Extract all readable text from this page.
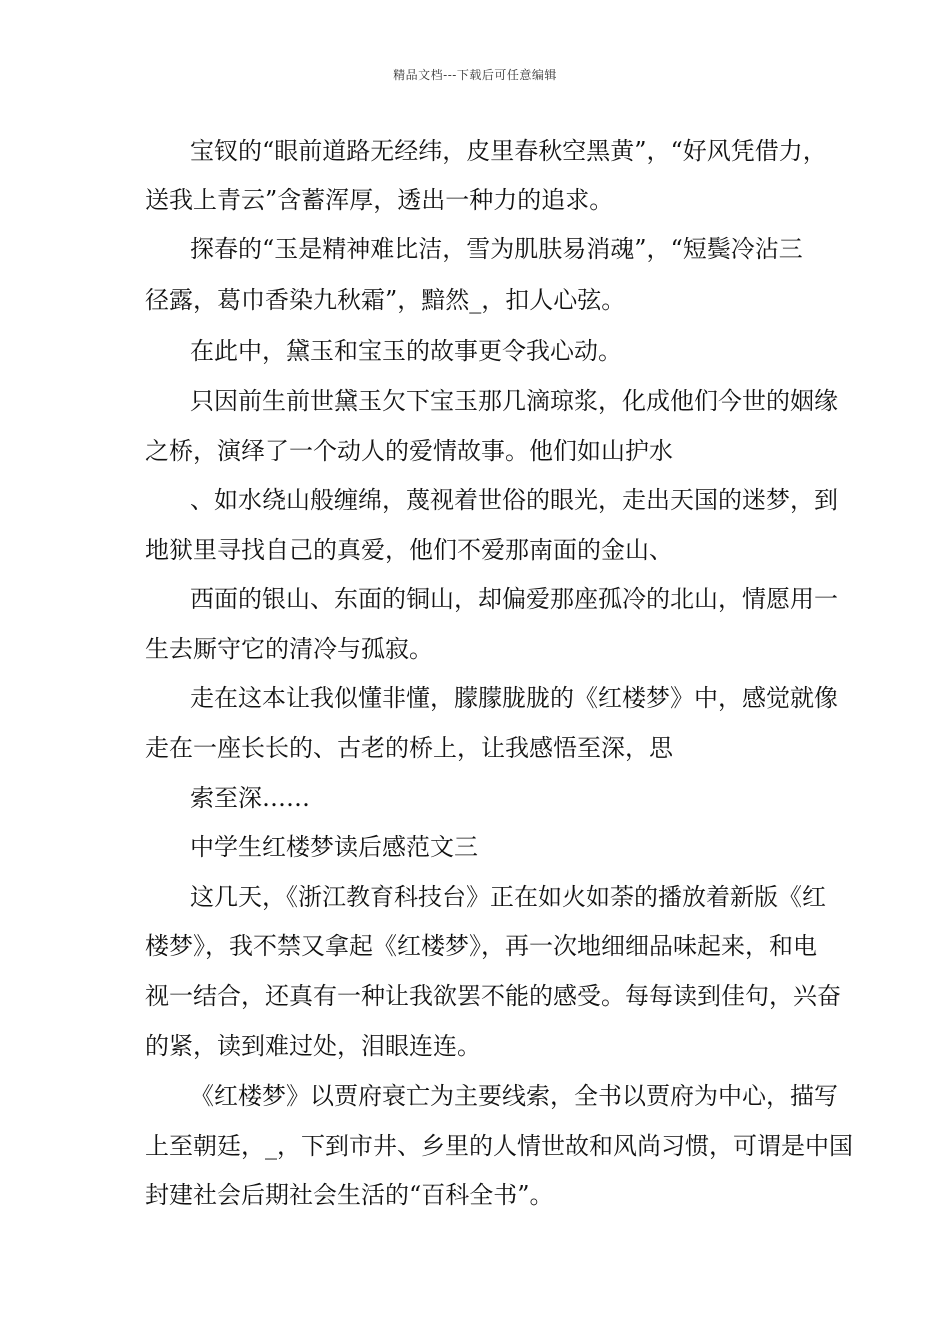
精品文档---下载后可任意编辑
宝钗的“眼前道路无经纬，皮里春秋空黑黄”，“好风凭借力，
送我上青云”含蓄浑厚，透出一种力的追求。
探春的“玉是精神难比洁，雪为肌肤易消魂”，“短鬓冷沾三
径露，葛巾香染九秋霜”，黯然_，扣人心弦。
在此中，黛玉和宝玉的故事更令我心动。
只因前生前世黛玉欠下宝玉那几滴琼浆，化成他们今世的姻缘
之桥，演绎了一个动人的爱情故事。他们如山护水
、如水绕山般缠绵，蔑视着世俗的眼光，走出天国的迷梦，到
地狱里寻找自己的真爱，他们不爱那南面的金山、
西面的银山、东面的铜山，却偏爱那座孤冷的北山，情愿用一
生去厮守它的清冷与孤寂。
走在这本让我似懂非懂，朦朦胧胧的《红楼梦》中，感觉就像
走在一座长长的、古老的桥上，让我感悟至深，思
索至深……
中学生红楼梦读后感范文三
这几天，《浙江教育科技台》正在如火如荼的播放着新版《红
楼梦》，我不禁又拿起《红楼梦》，再一次地细细品味起来，和电
视一结合，还真有一种让我欲罢不能的感受。每每读到佳句，兴奋
的紧，读到难过处，泪眼连连。
《红楼梦》以贾府衰亡为主要线索，全书以贾府为中心，描写
上至朝廷，_，下到市井、乡里的人情世故和风尚习惯，可谓是中国
封建社会后期社会生活的“百科全书”。
